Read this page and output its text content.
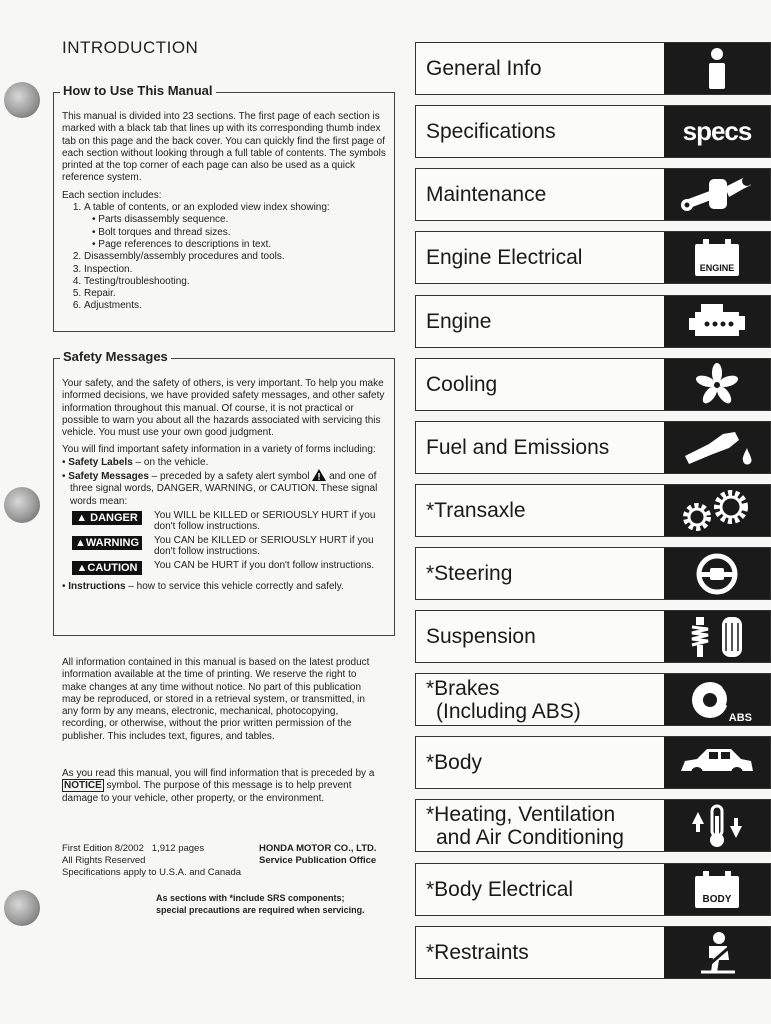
INTRODUCTION
How to Use This Manual

This manual is divided into 23 sections. The first page of each section is marked with a black tab that lines up with its corresponding thumb index tab on this page and the back cover. You can quickly find the first page of each section without looking through a full table of contents. The symbols printed at the top corner of each page can also be used as a quick reference system.

Each section includes:

1. A table of contents, or an exploded view index showing:
• Parts disassembly sequence.
• Bolt torques and thread sizes.
• Page references to descriptions in text.
2. Disassembly/assembly procedures and tools.
3. Inspection.
4. Testing/troubleshooting.
5. Repair.
6. Adjustments.
Safety Messages

Your safety, and the safety of others, is very important. To help you make informed decisions, we have provided safety messages, and other safety information throughout this manual. Of course, it is not practical or possible to warn you about all the hazards associated with servicing this vehicle. You must use your own good judgment.

You will find important safety information in a variety of forms including:

• Safety Labels – on the vehicle.

• Safety Messages – preceded by a safety alert symbol  and one of three signal words, DANGER, WARNING, or CAUTION. These signal words mean:

▲ DANGER You WILL be KILLED or SERIOUSLY HURT if you don't follow instructions.
▲ WARNING You CAN be KILLED or SERIOUSLY HURT if you don't follow instructions.
▲ CAUTION You CAN be HURT if you don't follow instructions.

• Instructions – how to service this vehicle correctly and safely.

All information contained in this manual is based on the latest product information available at the time of printing. We reserve the right to make changes at any time without notice. No part of this publication may be reproduced, or stored in a retrieval system, or transmitted, in any form by any means, electronic, mechanical, photocopying, recording, or otherwise, without the prior written permission of the publisher. This includes text, figures, and tables.

As you read this manual, you will find information that is preceded by a NOTICE symbol. The purpose of this message is to help prevent damage to your vehicle, other property, or the environment.

First Edition 8/2002 1,912 pages
All Rights Reserved
Specifications apply to U.S.A. and Canada
HONDA MOTOR CO., LTD.
Service Publication Office
As sections with *include SRS components;
special precautions are required when servicing.
General Info
Specifications	specs
Maintenance
Engine Electrical	ENGINE
Engine
Cooling
Fuel and Emissions
*Transaxle
*Steering
Suspension
*Brakes
(Including ABS)	ABS
*Body
*Heating, Ventilation
and Air Conditioning
*Body Electrical	BODY
*Restraints
